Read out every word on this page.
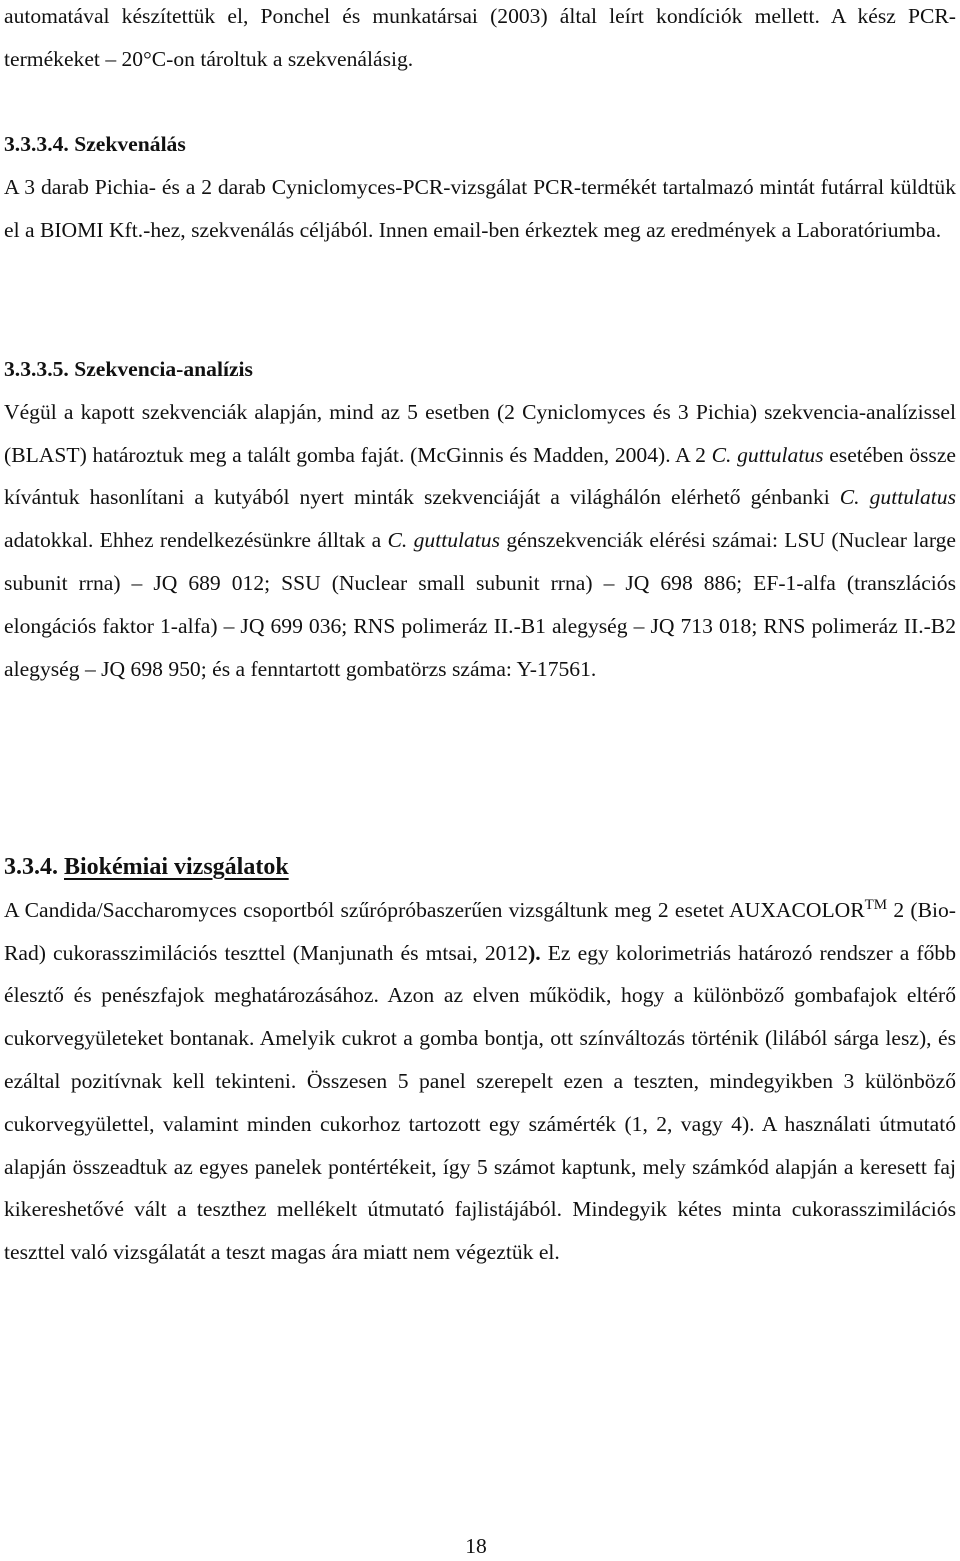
automatával készítettük el, Ponchel és munkatársai (2003) által leírt kondíciók mellett. A kész PCR-termékeket – 20°C-on tároltuk a szekvenálásig.
3.3.3.4. Szekvenálás
A 3 darab Pichia- és a 2 darab Cyniclomyces-PCR-vizsgálat PCR-termékét tartalmazó mintát futárral küldtük el a BIOMI Kft.-hez, szekvenálás céljából. Innen email-ben érkeztek meg az eredmények a Laboratóriumba.
3.3.3.5. Szekvencia-analízis
Végül a kapott szekvenciák alapján, mind az 5 esetben (2 Cyniclomyces és 3 Pichia) szekvencia-analízissel (BLAST) határoztuk meg a talált gomba faját. (McGinnis és Madden, 2004). A 2 C. guttulatus esetében össze kívántuk hasonlítani a kutyából nyert minták szekvenciáját a világhálón elérhető génbanki C. guttulatus adatokkal. Ehhez rendelkezésünkre álltak a C. guttulatus génszekvenciák elérési számai: LSU (Nuclear large subunit rrna) – JQ 689 012; SSU (Nuclear small subunit rrna) – JQ 698 886; EF-1-alfa (transzlációs elongációs faktor 1-alfa) – JQ 699 036; RNS polimeráz II.-B1 alegység – JQ 713 018; RNS polimeráz II.-B2 alegység – JQ 698 950; és a fenntartott gombatörzs száma: Y-17561.
3.3.4. Biokémiai vizsgálatok
A Candida/Saccharomyces csoportból szűrópróbaszerűen vizsgáltunk meg 2 esetet AUXACOLOR™ 2 (Bio-Rad) cukorasszimilációs teszttel (Manjunath és mtsai, 2012). Ez egy kolorimetriás határozó rendszer a főbb élesztő és penészfajok meghatározásához. Azon az elven működik, hogy a különböző gombafajok eltérő cukorvegyületeket bontanak. Amelyik cukrot a gomba bontja, ott színváltozás történik (lilából sárga lesz), és ezáltal pozitívnak kell tekinteni. Összesen 5 panel szerepelt ezen a teszten, mindegyikben 3 különböző cukorvegyülettel, valamint minden cukorhoz tartozott egy számérték (1, 2, vagy 4). A használati útmutató alapján összeadtuk az egyes panelek pontértékeit, így 5 számot kaptunk, mely számkód alapján a keresett faj kikereshetővé vált a teszthez mellékelt útmutató fajlistájából. Mindegyik kétes minta cukorasszimilációs teszttel való vizsgálatát a teszt magas ára miatt nem végeztük el.
18
